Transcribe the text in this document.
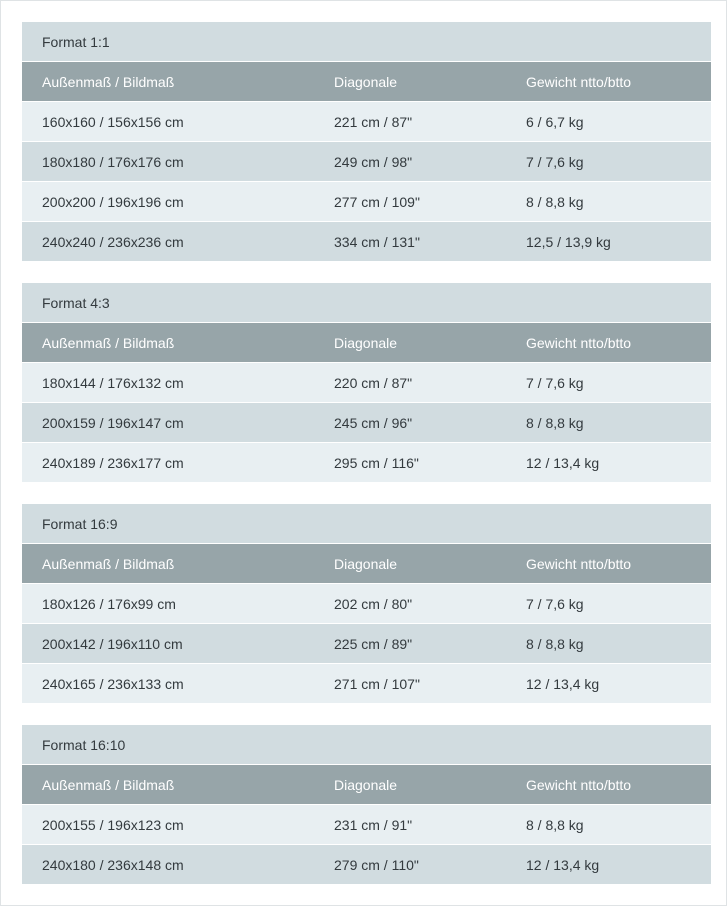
Format 1:1		
Außenmaß / Bildmaß	Diagonale	Gewicht ntto/btto
160x160 / 156x156 cm	221 cm / 87"	6 / 6,7 kg
180x180 / 176x176 cm	249 cm / 98"	7 / 7,6 kg
200x200 / 196x196 cm	277 cm / 109"	8 / 8,8 kg
240x240 / 236x236 cm	334 cm / 131"	12,5 / 13,9 kg
Format 4:3		
Außenmaß / Bildmaß	Diagonale	Gewicht ntto/btto
180x144 / 176x132 cm	220 cm / 87"	7 / 7,6 kg
200x159 / 196x147 cm	245 cm / 96"	8 / 8,8 kg
240x189 / 236x177 cm	295 cm / 116"	12 / 13,4 kg
Format 16:9		
Außenmaß / Bildmaß	Diagonale	Gewicht ntto/btto
180x126 / 176x99 cm	202 cm / 80"	7 / 7,6 kg
200x142 / 196x110 cm	225 cm / 89"	8 / 8,8 kg
240x165 / 236x133 cm	271 cm / 107"	12 / 13,4 kg
Format 16:10		
Außenmaß / Bildmaß	Diagonale	Gewicht ntto/btto
200x155 / 196x123 cm	231 cm / 91"	8 / 8,8 kg
240x180 / 236x148 cm	279 cm / 110"	12 / 13,4 kg
